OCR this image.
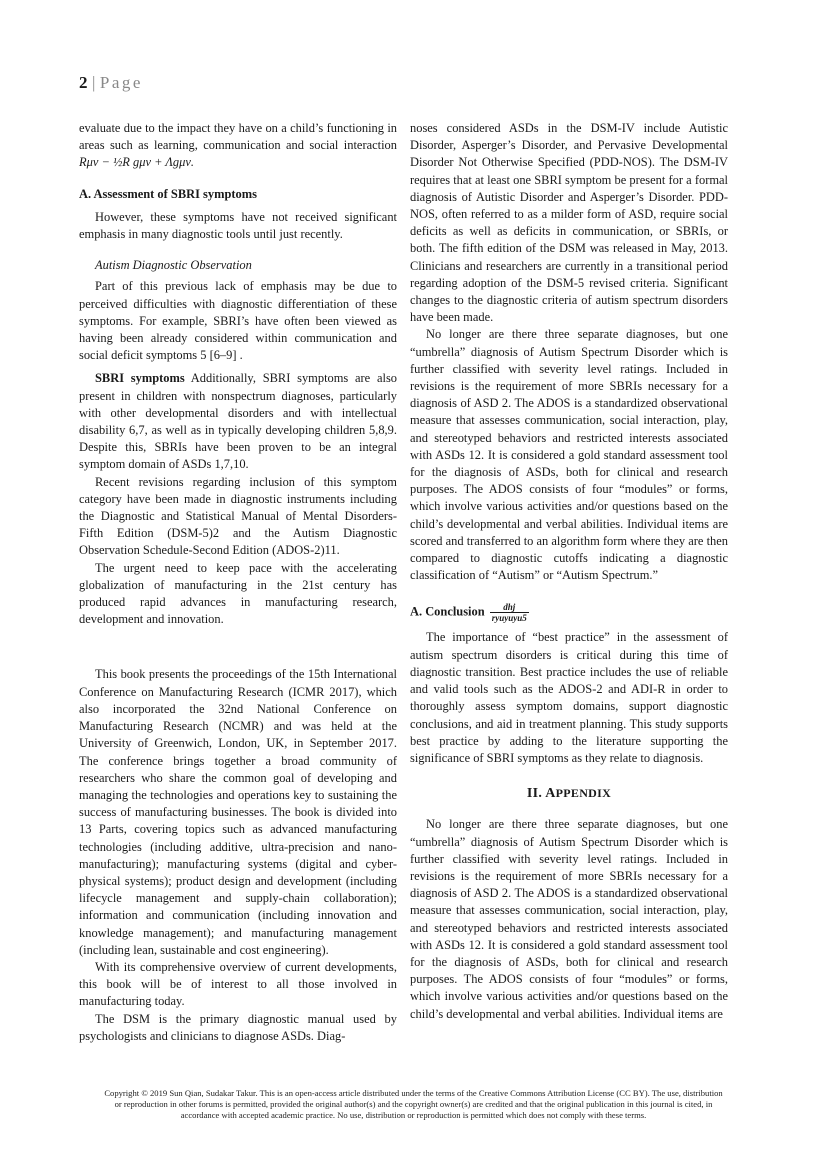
2 | Page

evaluate due to the impact they have on a child’s functioning in areas such as learning, communication and social interaction Rμν − ½R gμν + Λgμν.

A. Assessment of SBRI symptoms

However, these symptoms have not received significant emphasis in many diagnostic tools until just recently.

Autism Diagnostic Observation

Part of this previous lack of emphasis may be due to perceived difficulties with diagnostic differentiation of these symptoms. For example, SBRI’s have often been viewed as having been already considered within communication and social deficit symptoms 5 [6–9] .

SBRI symptoms Additionally, SBRI symptoms are also present in children with nonspectrum diagnoses, particularly with other developmental disorders and with intellectual disability 6,7, as well as in typically developing children 5,8,9. Despite this, SBRIs have been proven to be an integral symptom domain of ASDs 1,7,10.

Recent revisions regarding inclusion of this symptom category have been made in diagnostic instruments including the Diagnostic and Statistical Manual of Mental Disorders-Fifth Edition (DSM-5)2 and the Autism Diagnostic Observation Schedule-Second Edition (ADOS-2)11.

The urgent need to keep pace with the accelerating globalization of manufacturing in the 21st century has produced rapid advances in manufacturing research, development and innovation.

This book presents the proceedings of the 15th International Conference on Manufacturing Research (ICMR 2017), which also incorporated the 32nd National Conference on Manufacturing Research (NCMR) and was held at the University of Greenwich, London, UK, in September 2017. The conference brings together a broad community of researchers who share the common goal of developing and managing the technologies and operations key to sustaining the success of manufacturing businesses. The book is divided into 13 Parts, covering topics such as advanced manufacturing technologies (including additive, ultra-precision and nano-manufacturing); manufacturing systems (digital and cyber-physical systems); product design and development (including lifecycle management and supply-chain collaboration); information and communication (including innovation and knowledge management); and manufacturing management (including lean, sustainable and cost engineering).

With its comprehensive overview of current developments, this book will be of interest to all those involved in manufacturing today.

The DSM is the primary diagnostic manual used by psychologists and clinicians to diagnose ASDs. Diag-

noses considered ASDs in the DSM-IV include Autistic Disorder, Asperger’s Disorder, and Pervasive Developmental Disorder Not Otherwise Specified (PDD-NOS). The DSM-IV requires that at least one SBRI symptom be present for a formal diagnosis of Autistic Disorder and Asperger’s Disorder. PDD-NOS, often referred to as a milder form of ASD, require social deficits as well as deficits in communication, or SBRIs, or both. The fifth edition of the DSM was released in May, 2013. Clinicians and researchers are currently in a transitional period regarding adoption of the DSM-5 revised criteria. Significant changes to the diagnostic criteria of autism spectrum disorders have been made.

No longer are there three separate diagnoses, but one “umbrella” diagnosis of Autism Spectrum Disorder which is further classified with severity level ratings. Included in revisions is the requirement of more SBRIs necessary for a diagnosis of ASD 2. The ADOS is a standardized observational measure that assesses communication, social interaction, play, and stereotyped behaviors and restricted interests associated with ASDs 12. It is considered a gold standard assessment tool for the diagnosis of ASDs, both for clinical and research purposes. The ADOS consists of four “modules” or forms, which involve various activities and/or questions based on the child’s developmental and verbal abilities. Individual items are scored and transferred to an algorithm form where they are then compared to diagnostic cutoffs indicating a diagnostic classification of “Autism” or “Autism Spectrum.”

A. Conclusion $\frac{\text{dhj}}{\text{ryuyuyu5}}$

The importance of “best practice” in the assessment of autism spectrum disorders is critical during this time of diagnostic transition. Best practice includes the use of reliable and valid tools such as the ADOS-2 and ADI-R in order to thoroughly assess symptom domains, support diagnostic conclusions, and aid in treatment planning. This study supports best practice by adding to the literature supporting the significance of SBRI symptoms as they relate to diagnosis.

II. APPENDIX

No longer are there three separate diagnoses, but one “umbrella” diagnosis of Autism Spectrum Disorder which is further classified with severity level ratings. Included in revisions is the requirement of more SBRIs necessary for a diagnosis of ASD 2. The ADOS is a standardized observational measure that assesses communication, social interaction, play, and stereotyped behaviors and restricted interests associated with ASDs 12. It is considered a gold standard assessment tool for the diagnosis of ASDs, both for clinical and research purposes. The ADOS consists of four “modules” or forms, which involve various activities and/or questions based on the child’s developmental and verbal abilities. Individual items are

Copyright © 2019 Sun Qian, Sudakar Takur. This is an open-access article distributed under the terms of the Creative Commons Attribution License (CC BY). The use, distribution or reproduction in other forums is permitted, provided the original author(s) and the copyright owner(s) are credited and that the original publication in this journal is cited, in accordance with accepted academic practice. No use, distribution or reproduction is permitted which does not comply with these terms.
